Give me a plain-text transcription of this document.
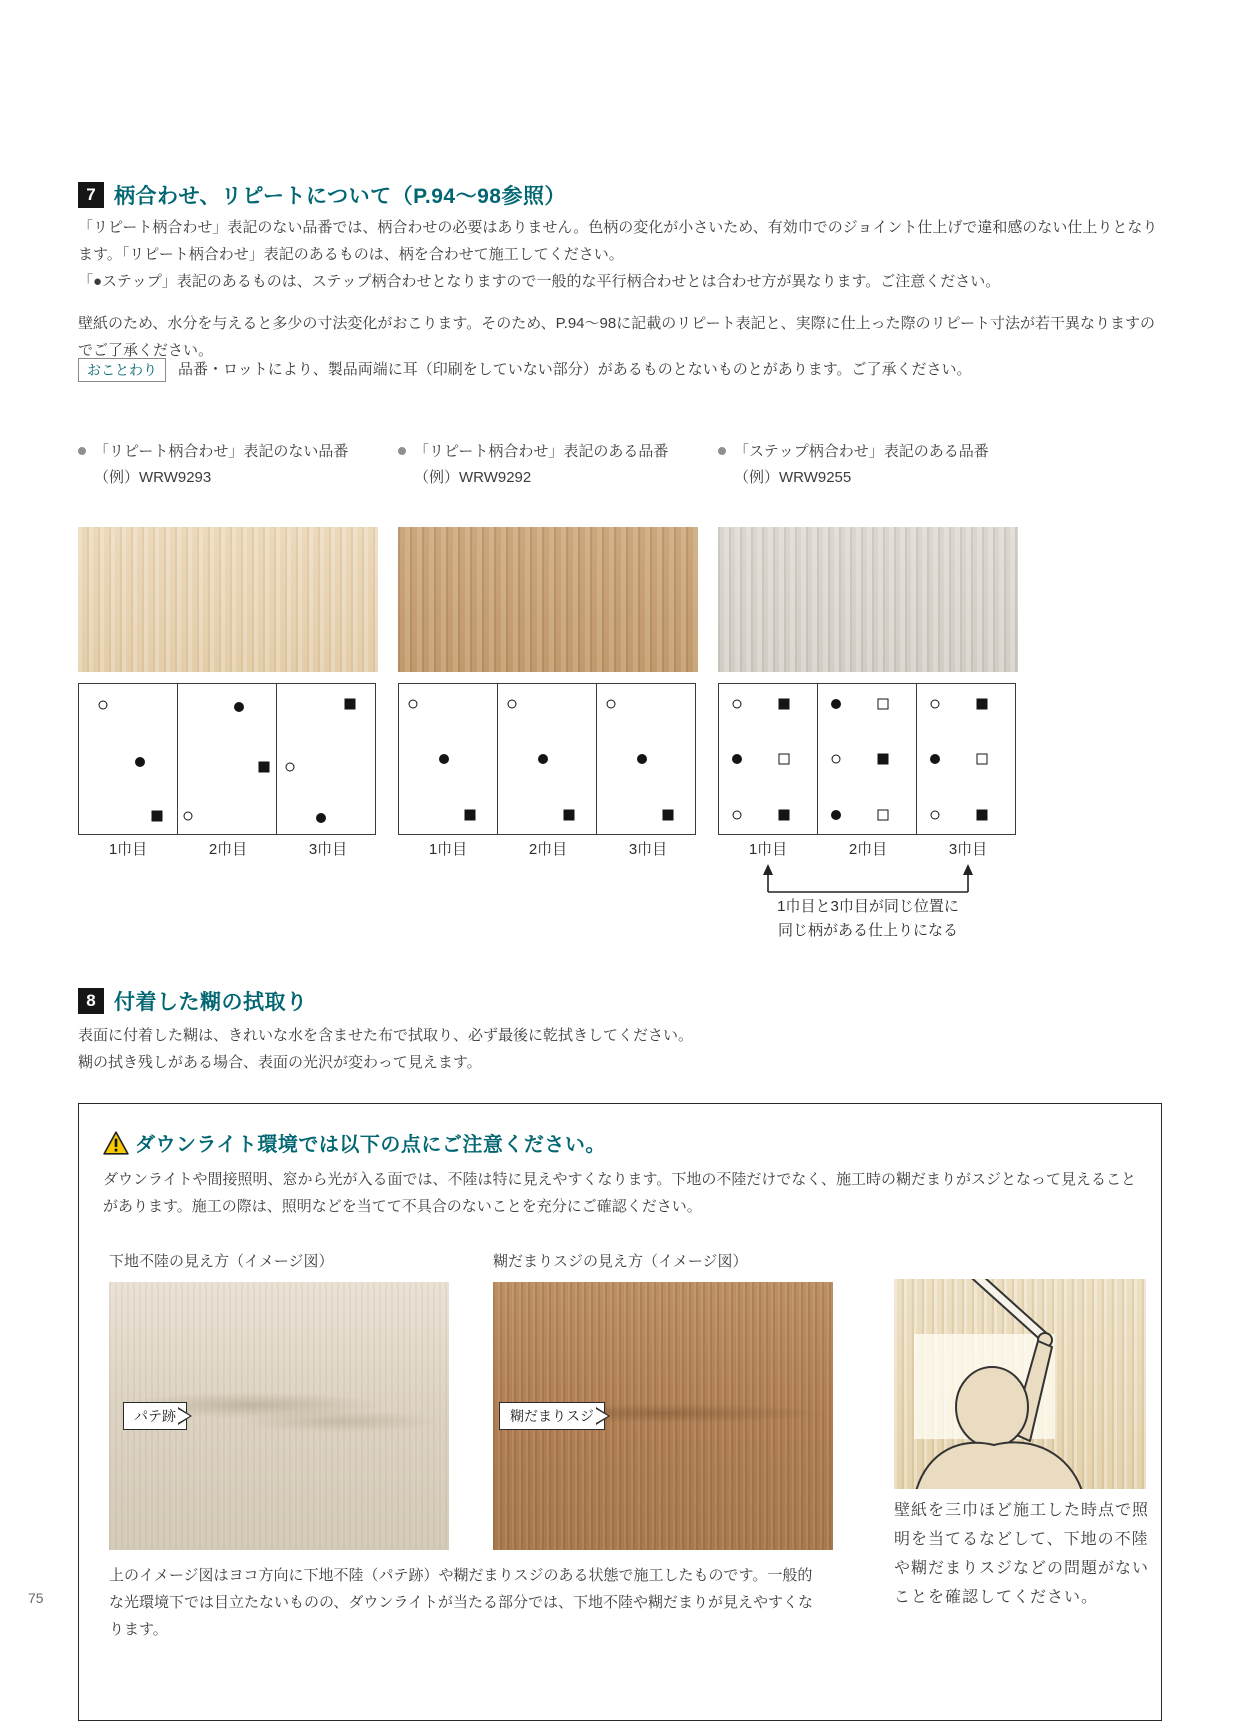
7 柄合わせ、リピートについて（P.94～98参照）
「リピート柄合わせ」表記のない品番では、柄合わせの必要はありません。色柄の変化が小さいため、有効巾でのジョイント仕上げで違和感のない仕上りとなります。「リピート柄合わせ」表記のあるものは、柄を合わせて施工してください。
「●ステップ」表記のあるものは、ステップ柄合わせとなりますので一般的な平行柄合わせとは合わせ方が異なります。ご注意ください。
壁紙のため、水分を与えると多少の寸法変化がおこります。そのため、P.94～98に記載のリピート表記と、実際に仕上った際のリピート寸法が若干異なりますのでご了承ください。
おことわり	品番・ロットにより、製品両端に耳（印刷をしていない部分）があるものとないものとがあります。ご了承ください。
「リピート柄合わせ」表記のない品番
（例）WRW9293
1巾目	2巾目	3巾目
「リピート柄合わせ」表記のある品番
（例）WRW9292
1巾目	2巾目	3巾目
「ステップ柄合わせ」表記のある品番
（例）WRW9255
1巾目	2巾目	3巾目
1巾目と3巾目が同じ位置に
同じ柄がある仕上りになる
8 付着した糊の拭取り
表面に付着した糊は、きれいな水を含ませた布で拭取り、必ず最後に乾拭きしてください。
糊の拭き残しがある場合、表面の光沢が変わって見えます。
ダウンライト環境では以下の点にご注意ください。
ダウンライトや間接照明、窓から光が入る面では、不陸は特に見えやすくなります。下地の不陸だけでなく、施工時の糊だまりがスジとなって見えることがあります。施工の際は、照明などを当てて不具合のないことを充分にご確認ください。
下地不陸の見え方（イメージ図）	糊だまりスジの見え方（イメージ図）
パテ跡	糊だまりスジ
上のイメージ図はヨコ方向に下地不陸（パテ跡）や糊だまりスジのある状態で施工したものです。一般的な光環境下では目立たないものの、ダウンライトが当たる部分では、下地不陸や糊だまりが見えやすくなります。
壁紙を三巾ほど施工した時点で照明を当てるなどして、下地の不陸や糊だまりスジなどの問題がないことを確認してください。
75
